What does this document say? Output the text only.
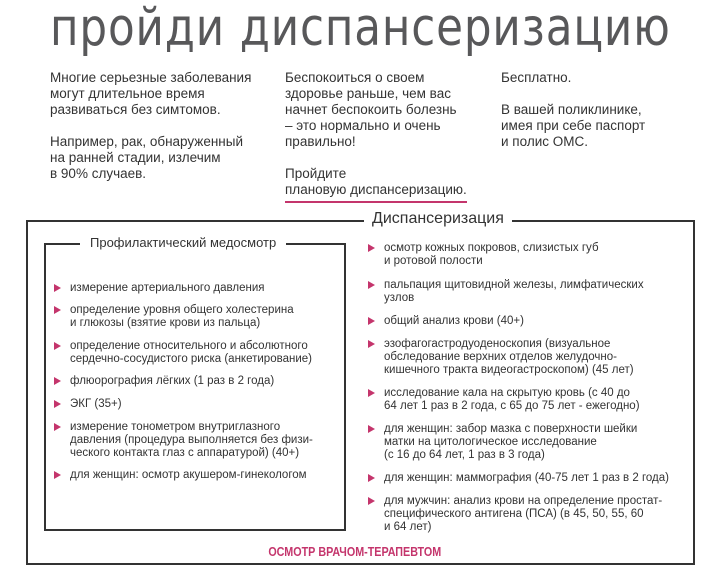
пройди диспансеризацию

Многие серьезные заболевания
могут длительное время
развиваться без симтомов.

Например, рак, обнаруженный
на ранней стадии, излечим
в 90% случаев.

Беспокоиться о своем
здоровье раньше, чем вас
начнет беспокоить болезнь
– это нормально и очень
правильно!

Пройдите
плановую диспансеризацию.

Бесплатно.

В вашей поликлинике,
имея при себе паспорт
и полис ОМС.

Диспансеризация
Профилактический медосмотр
измерение артериального давления
определение уровня общего холестерина
и глюкозы (взятие крови из пальца)
определение относительного и абсолютного
сердечно-сосудистого риска (анкетирование)
флюорография лёгких (1 раз в 2 года)
ЭКГ (35+)
измерение тонометром внутриглазного
давления (процедура выполняется без физи-
ческого контакта глаз с аппаратурой) (40+)
для женщин: осмотр акушером-гинекологом
осмотр кожных покровов, слизистых губ
и ротовой полости
пальпация щитовидной железы, лимфатических
узлов
общий анализ крови (40+)
эзофагогастродуоденоскопия (визуальное
обследование верхних отделов желудочно-
кишечного тракта видеогастроскопом) (45 лет)
исследование кала на скрытую кровь (с 40 до
64 лет 1 раз в 2 года, с 65 до 75 лет - ежегодно)
для женщин: забор мазка с поверхности шейки
матки на цитологическое исследование
(с 16 до 64 лет, 1 раз в 3 года)
для женщин: маммография (40-75 лет 1 раз в 2 года)
для мужчин: анализ крови на определение простат-
специфического антигена (ПСА) (в 45, 50, 55, 60
и 64 лет)
ОСМОТР ВРАЧОМ-ТЕРАПЕВТОМ
